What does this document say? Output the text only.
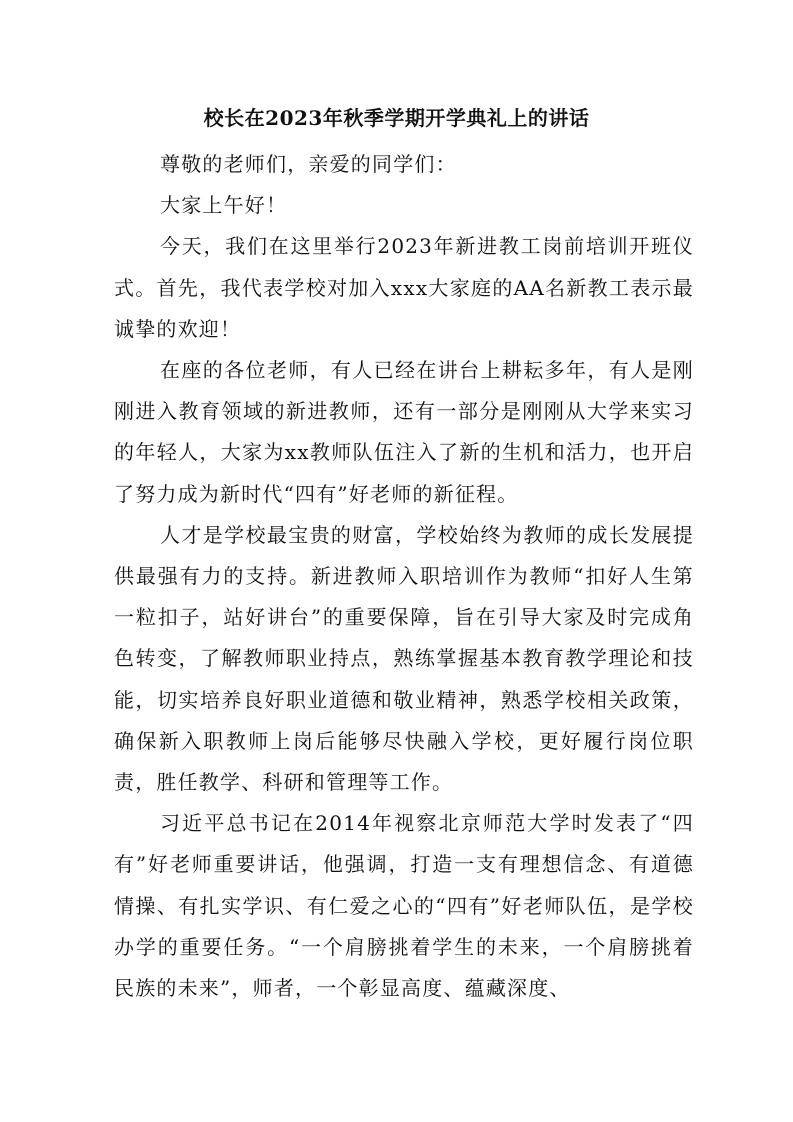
校长在2023年秋季学期开学典礼上的讲话

尊敬的老师们，亲爱的同学们：

大家上午好！

今天，我们在这里举行2023年新进教工岗前培训开班仪式。首先，我代表学校对加入xxx大家庭的AA名新教工表示最诚挚的欢迎！

在座的各位老师，有人已经在讲台上耕耘多年，有人是刚刚进入教育领域的新进教师，还有一部分是刚刚从大学来实习的年轻人，大家为xx教师队伍注入了新的生机和活力，也开启了努力成为新时代“四有”好老师的新征程。

人才是学校最宝贵的财富，学校始终为教师的成长发展提供最强有力的支持。新进教师入职培训作为教师“扣好人生第一粒扣子，站好讲台”的重要保障，旨在引导大家及时完成角色转变，了解教师职业持点，熟练掌握基本教育教学理论和技能，切实培养良好职业道德和敬业精神，熟悉学校相关政策，确保新入职教师上岗后能够尽快融入学校，更好履行岗位职责，胜任教学、科研和管理等工作。

习近平总书记在2014年视察北京师范大学时发表了“四有”好老师重要讲话，他强调，打造一支有理想信念、有道德情操、有扎实学识、有仁爱之心的“四有”好老师队伍，是学校办学的重要任务。“一个肩膀挑着学生的未来，一个肩膀挑着民族的未来”，师者，一个彰显高度、蕴藏深度、
